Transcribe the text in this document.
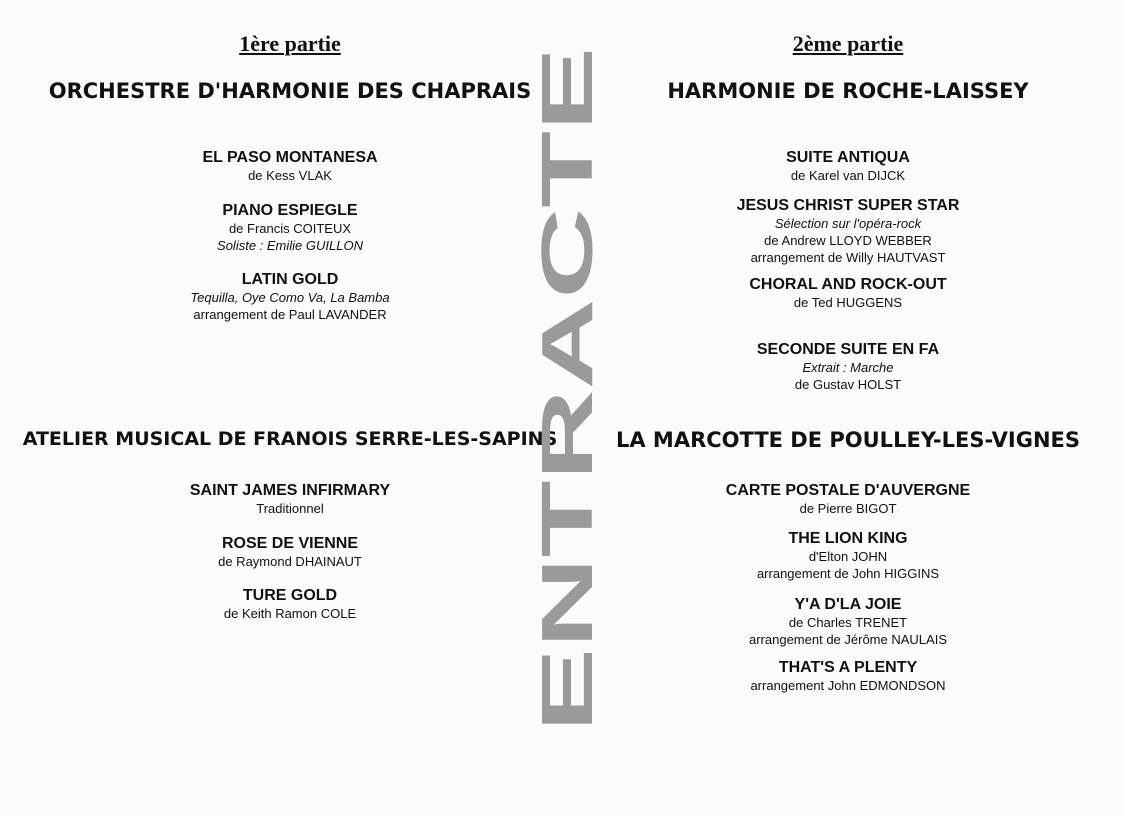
1ère partie
ORCHESTRE D'HARMONIE DES CHAPRAIS
EL PASO MONTANESA
de Kess VLAK
PIANO ESPIEGLE
de Francis COITEUX
Soliste : Emilie GUILLON
LATIN GOLD
Tequilla, Oye Como Va, La Bamba
arrangement de Paul LAVANDER
ATELIER MUSICAL DE FRANOIS SERRE-LES-SAPINS
SAINT JAMES INFIRMARY
Traditionnel
ROSE DE VIENNE
de Raymond DHAINAUT
TURE GOLD
de Keith Ramon COLE	ENTRACTE
2ème partie
HARMONIE DE ROCHE-LAISSEY
SUITE ANTIQUA
de Karel van DIJCK
JESUS CHRIST SUPER STAR
Sélection sur l'opéra-rock
de Andrew LLOYD WEBBER
arrangement de Willy HAUTVAST
CHORAL AND ROCK-OUT
de Ted HUGGENS
SECONDE SUITE EN FA
Extrait : Marche
de Gustav HOLST
LA MARCOTTE DE POULLEY-LES-VIGNES
CARTE POSTALE D'AUVERGNE
de Pierre BIGOT
THE LION KING
d'Elton JOHN
arrangement de John HIGGINS
Y'A D'LA JOIE
de Charles TRENET
arrangement de Jérôme NAULAIS
THAT'S A PLENTY
arrangement John EDMONDSON
